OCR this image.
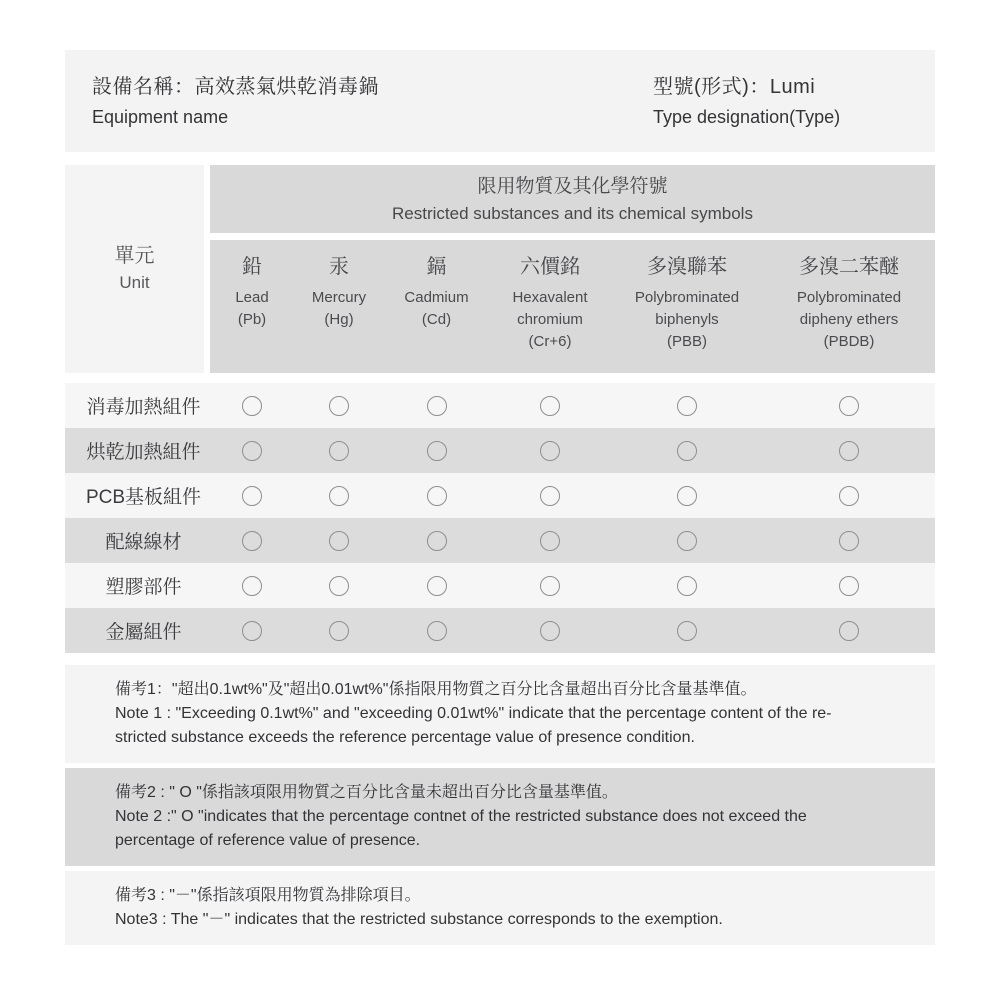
設備名稱：高效蒸氣烘乾消毒鍋
Equipment name
型號(形式)：Lumi
Type designation(Type)
單元
Unit
限用物質及其化學符號
Restricted substances and its chemical symbols
鉛
Lead
(Pb)
汞
Mercury
(Hg)
鎘
Cadmium
(Cd)
六價銘
Hexavalent
chromium
(Cr+6)
多溴聯苯
Polybrominated
biphenyls
(PBB)
多溴二苯醚
Polybrominated
dipheny ethers
(PBDB)
消毒加熱組件
烘乾加熱組件
PCB基板組件
配線線材
塑膠部件
金屬組件
備考1："超出0.1wt%"及"超出0.01wt%"係指限用物質之百分比含量超出百分比含量基準值。
Note 1 : "Exceeding 0.1wt%" and "exceeding 0.01wt%" indicate that the percentage content of the re-
stricted substance exceeds the reference percentage value of presence condition.
備考2 : " O "係指該項限用物質之百分比含量未超出百分比含量基準值。
Note 2 :" O "indicates that the percentage contnet of the restricted substance does not exceed the
percentage of reference value of presence.
備考3 : "－"係指該項限用物質為排除項目。
Note3 : The "－" indicates that the restricted substance corresponds to the exemption.
